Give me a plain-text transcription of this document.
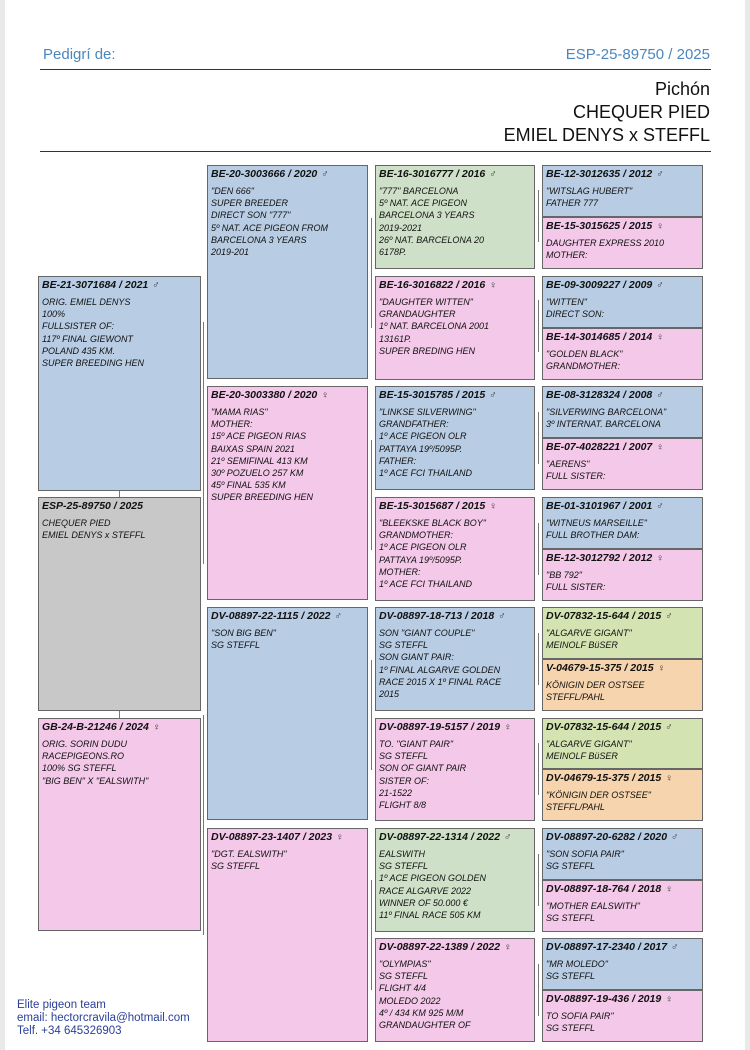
Pedigrí de:	ESP-25-89750 / 2025
Pichón
CHEQUER PIED
EMIEL DENYS x STEFFL
BE-21-3071684 / 2021 ♂
ORIG. EMIEL DENYS
100%
FULLSISTER OF:
117º FINAL GIEWONT
POLAND 435 KM.
SUPER BREEDING HEN
ESP-25-89750 / 2025
CHEQUER PIED
EMIEL DENYS x STEFFL
GB-24-B-21246 / 2024 ♀
ORIG. SORIN DUDU
RACEPIGEONS.RO
100% SG STEFFL
"BIG BEN" X "EALSWITH"
BE-20-3003666 / 2020 ♂
"DEN 666"
SUPER BREEDER
DIRECT SON "777"
5º NAT. ACE PIGEON FROM
BARCELONA 3 YEARS
2019-201
BE-20-3003380 / 2020 ♀
"MAMA RIAS"
MOTHER:
15º ACE PIGEON RIAS
BAIXAS SPAIN 2021
21º SEMIFINAL 413 KM
30º POZUELO 257 KM
45º FINAL 535 KM
SUPER BREEDING HEN
DV-08897-22-1115 / 2022 ♂
"SON BIG BEN"
SG STEFFL
DV-08897-23-1407 / 2023 ♀
"DGT. EALSWITH"
SG STEFFL
BE-16-3016777 / 2016 ♂
"777" BARCELONA
5º NAT. ACE PIGEON
BARCELONA 3 YEARS
2019-2021
26º NAT. BARCELONA 20
6178P.
BE-16-3016822 / 2016 ♀
"DAUGHTER WITTEN"
GRANDAUGHTER
1º NAT. BARCELONA 2001
13161P.
SUPER BREDING HEN
BE-15-3015785 / 2015 ♂
"LINKSE SILVERWING"
GRANDFATHER:
1º ACE PIGEON OLR
PATTAYA 19º/5095P.
FATHER:
1º ACE FCI THAILAND
BE-15-3015687 / 2015 ♀
"BLEEKSKE BLACK BOY"
GRANDMOTHER:
1º ACE PIGEON OLR
PATTAYA 19º/5095P.
MOTHER:
1º ACE FCI THAILAND
DV-08897-18-713 / 2018 ♂
SON "GIANT COUPLE"
SG STEFFL
SON GIANT PAIR:
1º FINAL ALGARVE GOLDEN
RACE 2015 X 1º FINAL RACE
2015
DV-08897-19-5157 / 2019 ♀
TO. "GIANT PAIR"
SG STEFFL
SON OF GIANT PAIR
SISTER OF:
21-1522
FLIGHT 8/8
DV-08897-22-1314 / 2022 ♂
EALSWITH
SG STEFFL
1º ACE PIGEON GOLDEN
RACE ALGARVE 2022
WINNER OF 50.000 €
11º FINAL RACE 505 KM
DV-08897-22-1389 / 2022 ♀
"OLYMPIAS"
SG STEFFL
FLIGHT 4/4
MOLEDO 2022
4º / 434 KM 925 M/M
GRANDAUGHTER OF
BE-12-3012635 / 2012 ♂
"WITSLAG HUBERT"
FATHER 777
BE-15-3015625 / 2015 ♀
DAUGHTER EXPRESS 2010
MOTHER:
BE-09-3009227 / 2009 ♂
"WITTEN"
DIRECT SON:
BE-14-3014685 / 2014 ♀
"GOLDEN BLACK"
GRANDMOTHER:
BE-08-3128324 / 2008 ♂
"SILVERWING BARCELONA"
3º INTERNAT. BARCELONA
BE-07-4028221 / 2007 ♀
"AERENS"
FULL SISTER:
BE-01-3101967 / 2001 ♂
"WITNEUS MARSEILLE"
FULL BROTHER DAM:
BE-12-3012792 / 2012 ♀
"BB 792"
FULL SISTER:
DV-07832-15-644 / 2015 ♂
"ALGARVE GIGANT"
MEINOLF BüSER
V-04679-15-375 / 2015 ♀
KÖNIGIN DER OSTSEE
STEFFL/PAHL
DV-07832-15-644 / 2015 ♂
"ALGARVE GIGANT"
MEINOLF BüSER
DV-04679-15-375 / 2015 ♀
"KÖNIGIN DER OSTSEE"
STEFFL/PAHL
DV-08897-20-6282 / 2020 ♂
"SON SOFIA PAIR"
SG STEFFL
DV-08897-18-764 / 2018 ♀
"MOTHER EALSWITH"
SG STEFFL
DV-08897-17-2340 / 2017 ♂
"MR MOLEDO"
SG STEFFL
DV-08897-19-436 / 2019 ♀
TO SOFIA PAIR"
SG STEFFL
Elite pigeon team
email: hectorcravila@hotmail.com
Telf. +34 645326903
